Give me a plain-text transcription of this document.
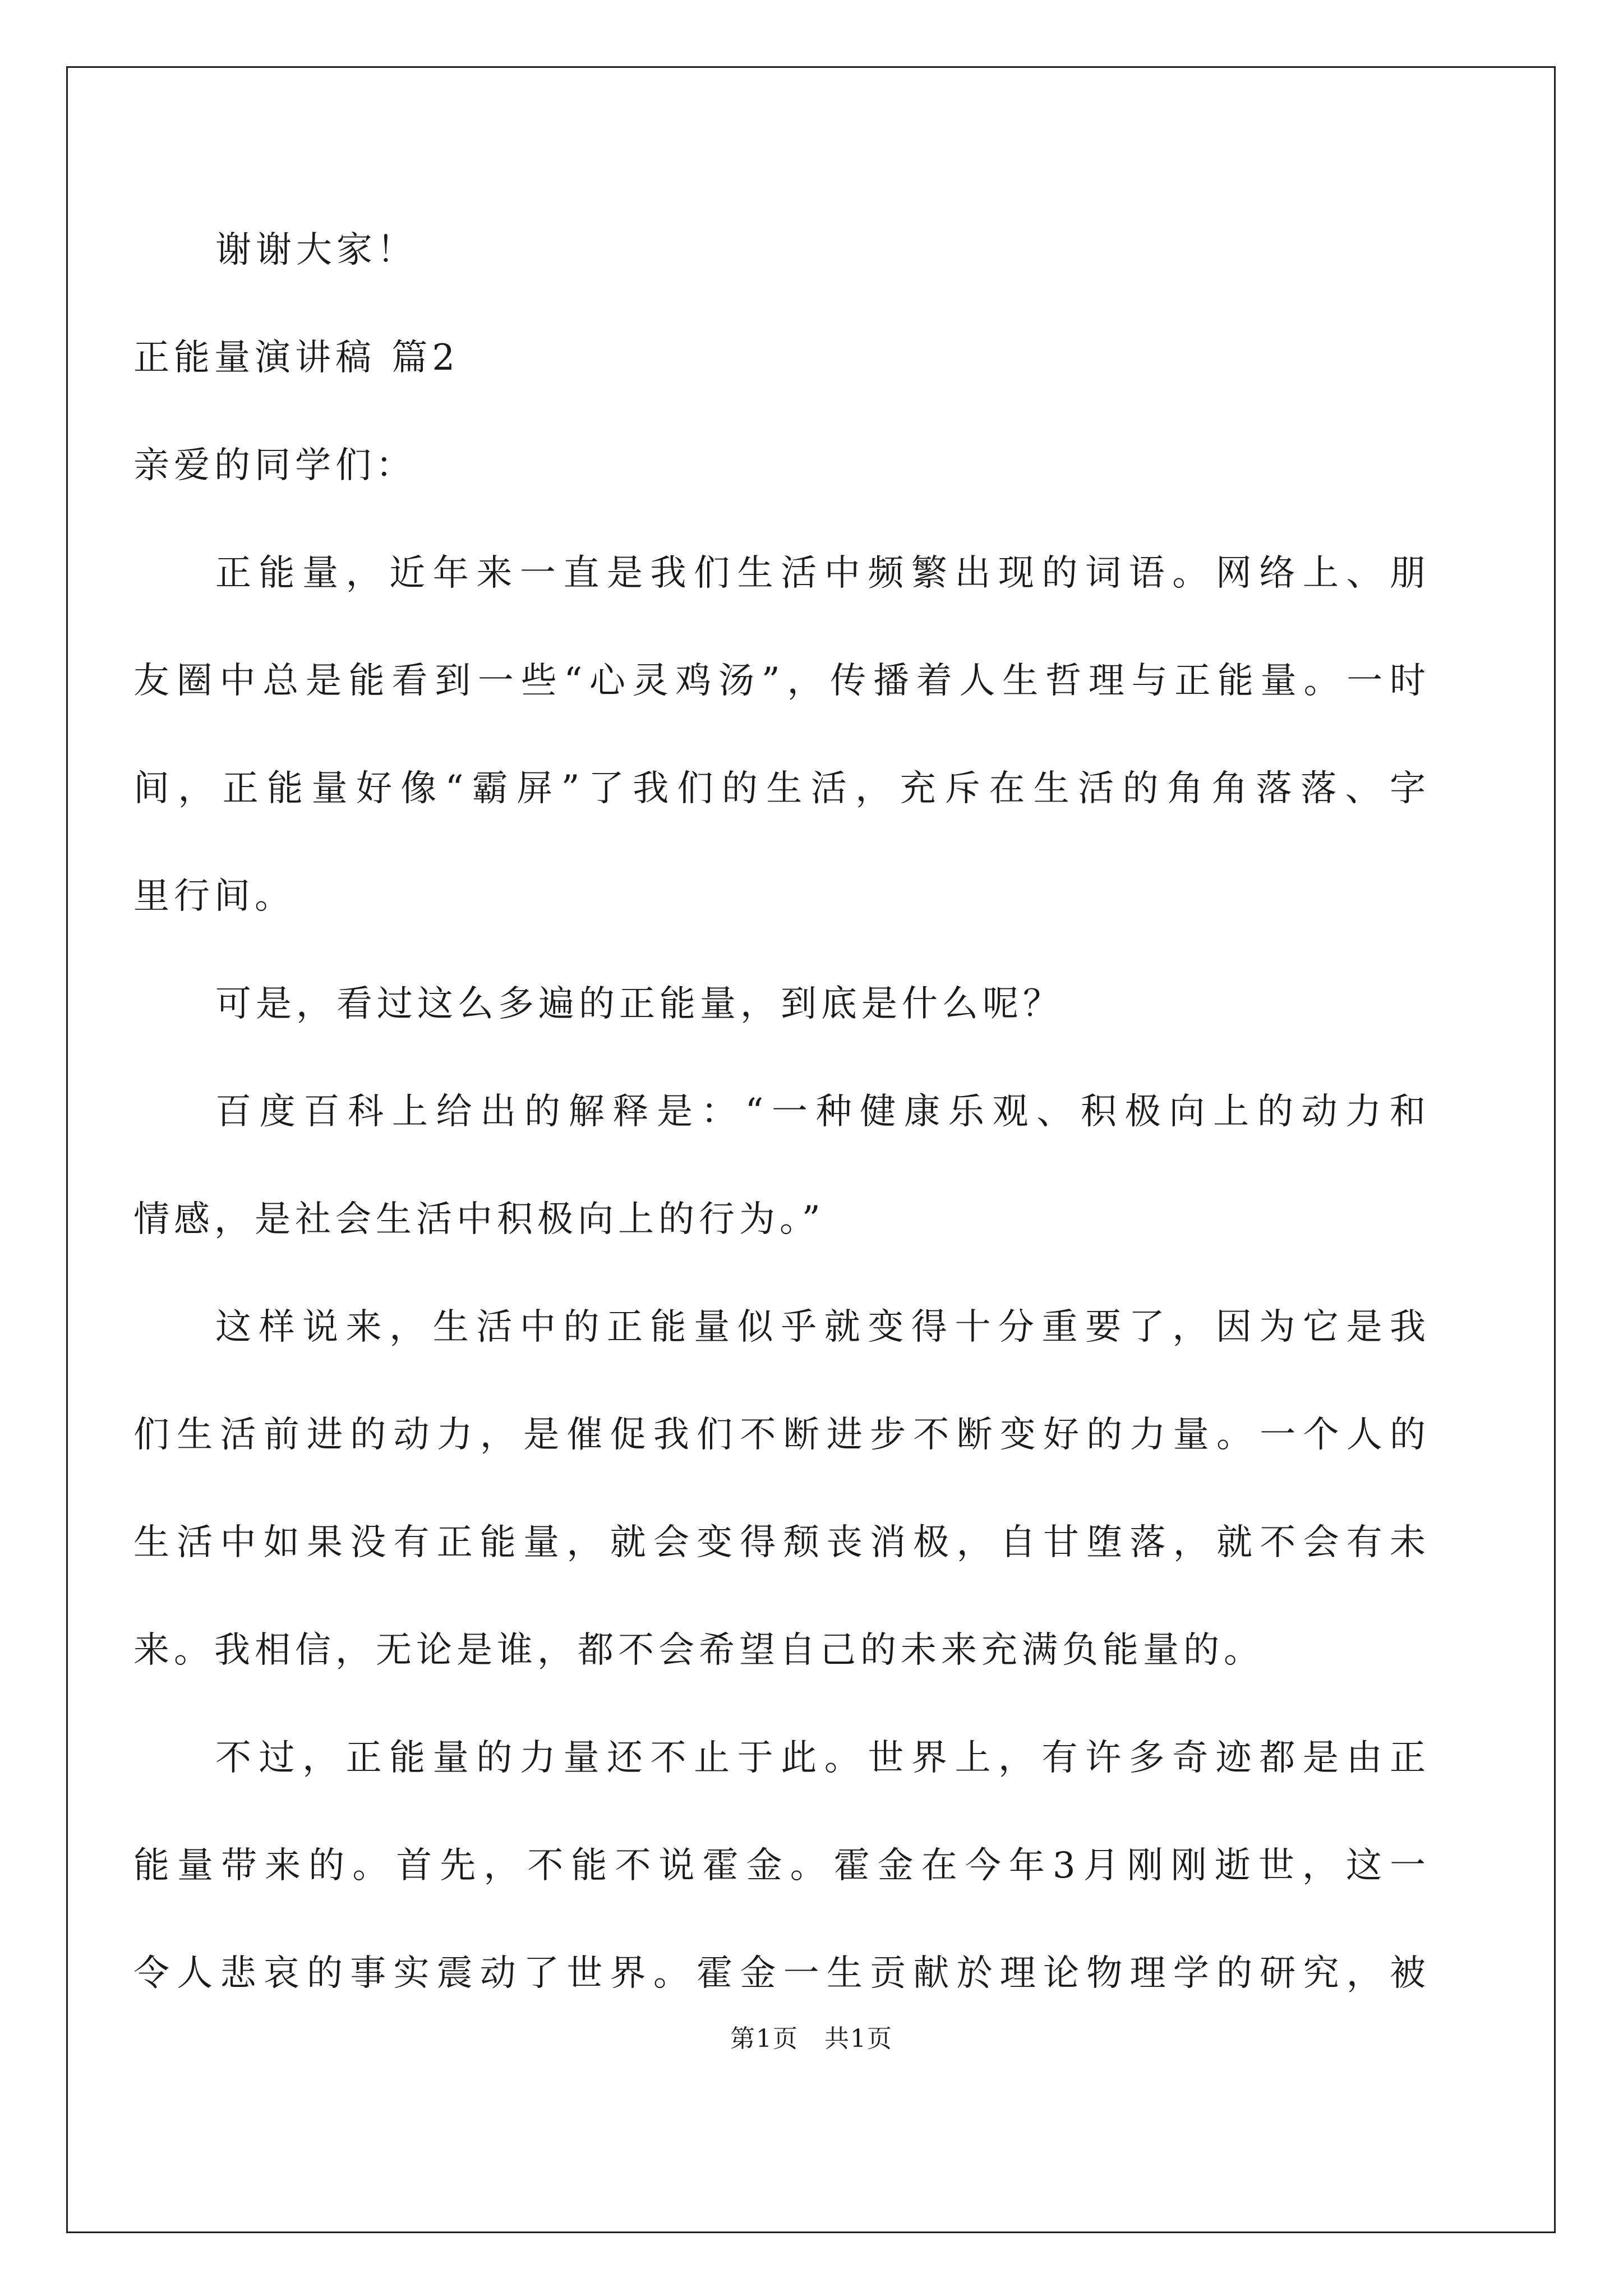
谢谢大家！
正能量演讲稿 篇2
亲爱的同学们：
正能量，近年来一直是我们生活中频繁出现的词语。网络上、朋
友圈中总是能看到一些“心灵鸡汤”，传播着人生哲理与正能量。一时
间，正能量好像“霸屏”了我们的生活，充斥在生活的角角落落、字
里行间。
可是，看过这么多遍的正能量，到底是什么呢？
百度百科上给出的解释是：“一种健康乐观、积极向上的动力和
情感，是社会生活中积极向上的行为。”
这样说来，生活中的正能量似乎就变得十分重要了，因为它是我
们生活前进的动力，是催促我们不断进步不断变好的力量。一个人的
生活中如果没有正能量，就会变得颓丧消极，自甘堕落，就不会有未
来。我相信，无论是谁，都不会希望自己的未来充满负能量的。
不过，正能量的力量还不止于此。世界上，有许多奇迹都是由正
能量带来的。首先，不能不说霍金。霍金在今年3月刚刚逝世，这一
令人悲哀的事实震动了世界。霍金一生贡献於理论物理学的研究，被
第1页　共1页
